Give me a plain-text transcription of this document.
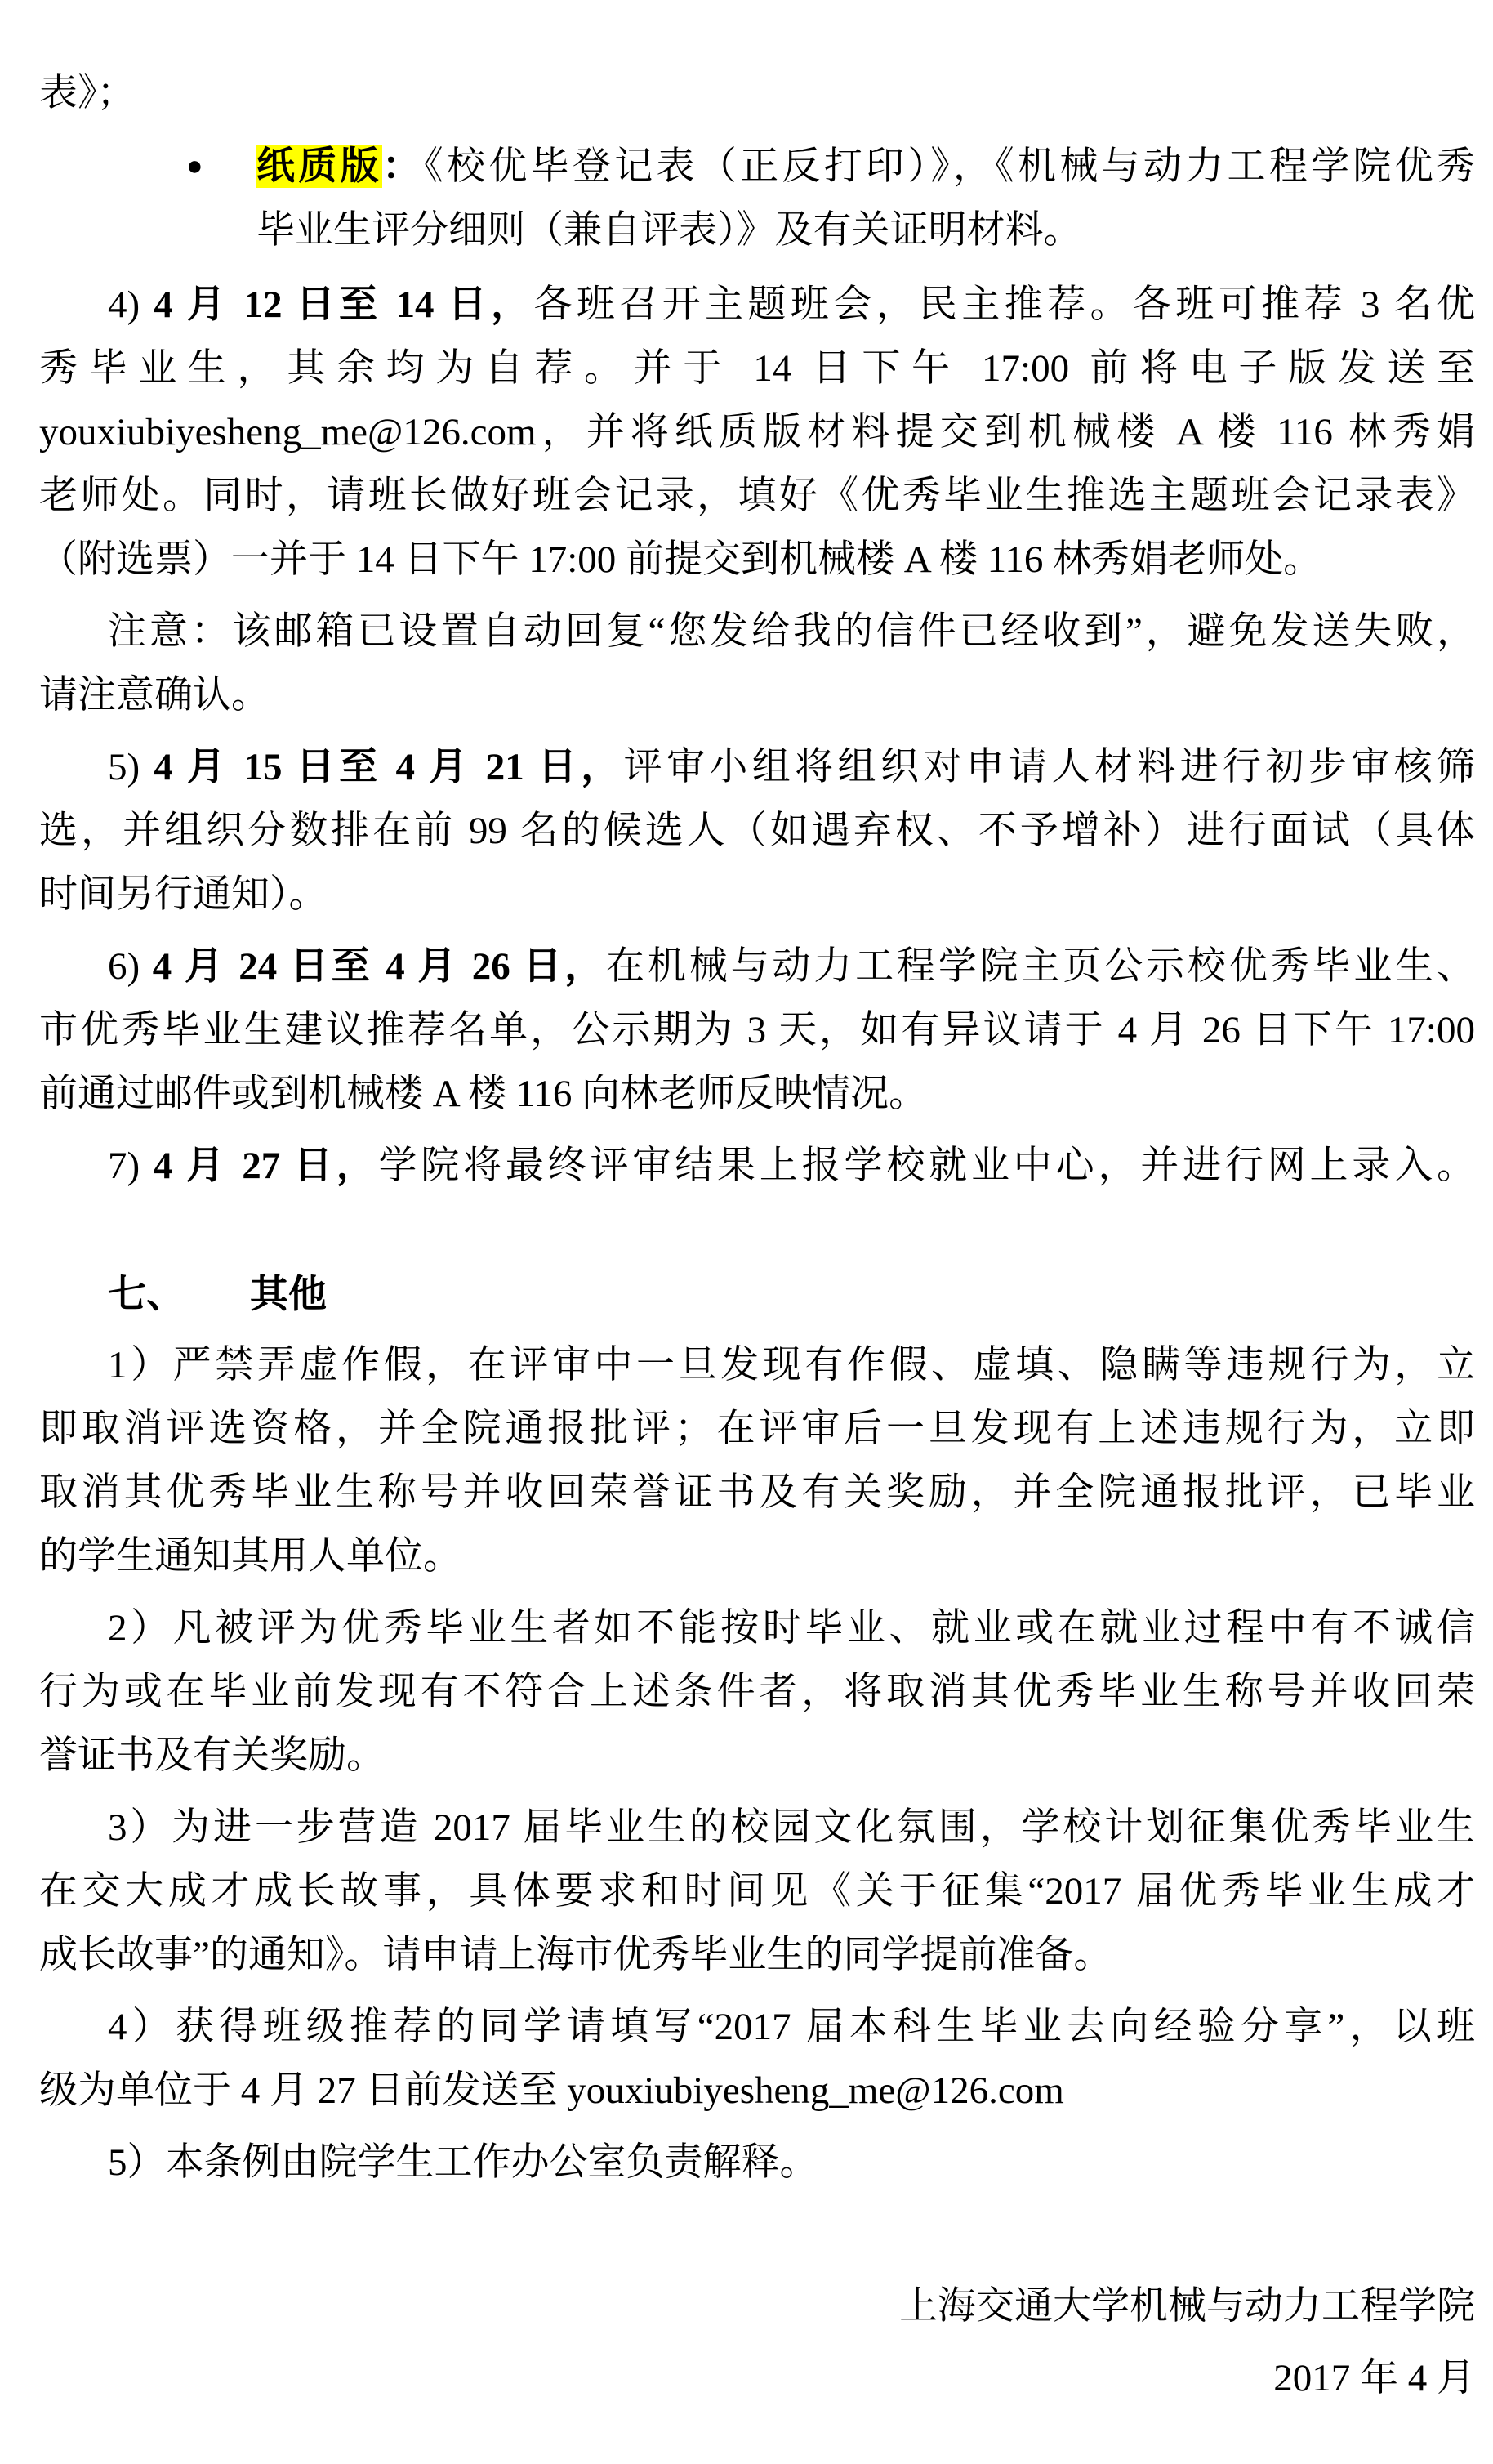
表》；
● 纸质版：《校优毕登记表（正反打印）》，《机械与动力工程学院优秀
毕业生评分细则（兼自评表）》及有关证明材料。
4) 4 月 12 日至 14 日，各班召开主题班会，民主推荐。各班可推荐 3 名优
秀毕业生，其余均为自荐。并于 14 日下午 17:00 前将电子版发送至
youxiubiyesheng_me@126.com，并将纸质版材料提交到机械楼 A 楼 116 林秀娟
老师处。同时，请班长做好班会记录，填好《优秀毕业生推选主题班会记录表》
（附选票）一并于 14 日下午 17:00 前提交到机械楼 A 楼 116 林秀娟老师处。
注意：该邮箱已设置自动回复“您发给我的信件已经收到”，避免发送失败，
请注意确认。
5) 4 月 15 日至 4 月 21 日，评审小组将组织对申请人材料进行初步审核筛
选，并组织分数排在前 99 名的候选人（如遇弃权、不予增补）进行面试（具体
时间另行通知）。
6) 4 月 24 日至 4 月 26 日，在机械与动力工程学院主页公示校优秀毕业生、
市优秀毕业生建议推荐名单，公示期为 3 天，如有异议请于 4 月 26 日下午 17:00
前通过邮件或到机械楼 A 楼 116 向林老师反映情况。
7) 4 月 27 日，学院将最终评审结果上报学校就业中心，并进行网上录入。
七、 其他
1）严禁弄虚作假，在评审中一旦发现有作假、虚填、隐瞒等违规行为，立
即取消评选资格，并全院通报批评；在评审后一旦发现有上述违规行为，立即
取消其优秀毕业生称号并收回荣誉证书及有关奖励，并全院通报批评，已毕业
的学生通知其用人单位。
2）凡被评为优秀毕业生者如不能按时毕业、就业或在就业过程中有不诚信
行为或在毕业前发现有不符合上述条件者，将取消其优秀毕业生称号并收回荣
誉证书及有关奖励。
3）为进一步营造 2017 届毕业生的校园文化氛围，学校计划征集优秀毕业生
在交大成才成长故事，具体要求和时间见《关于征集“2017 届优秀毕业生成才
成长故事”的通知》。请申请上海市优秀毕业生的同学提前准备。
4）获得班级推荐的同学请填写“2017 届本科生毕业去向经验分享”，以班
级为单位于 4 月 27 日前发送至 youxiubiyesheng_me@126.com
5）本条例由院学生工作办公室负责解释。
上海交通大学机械与动力工程学院
2017 年 4 月
